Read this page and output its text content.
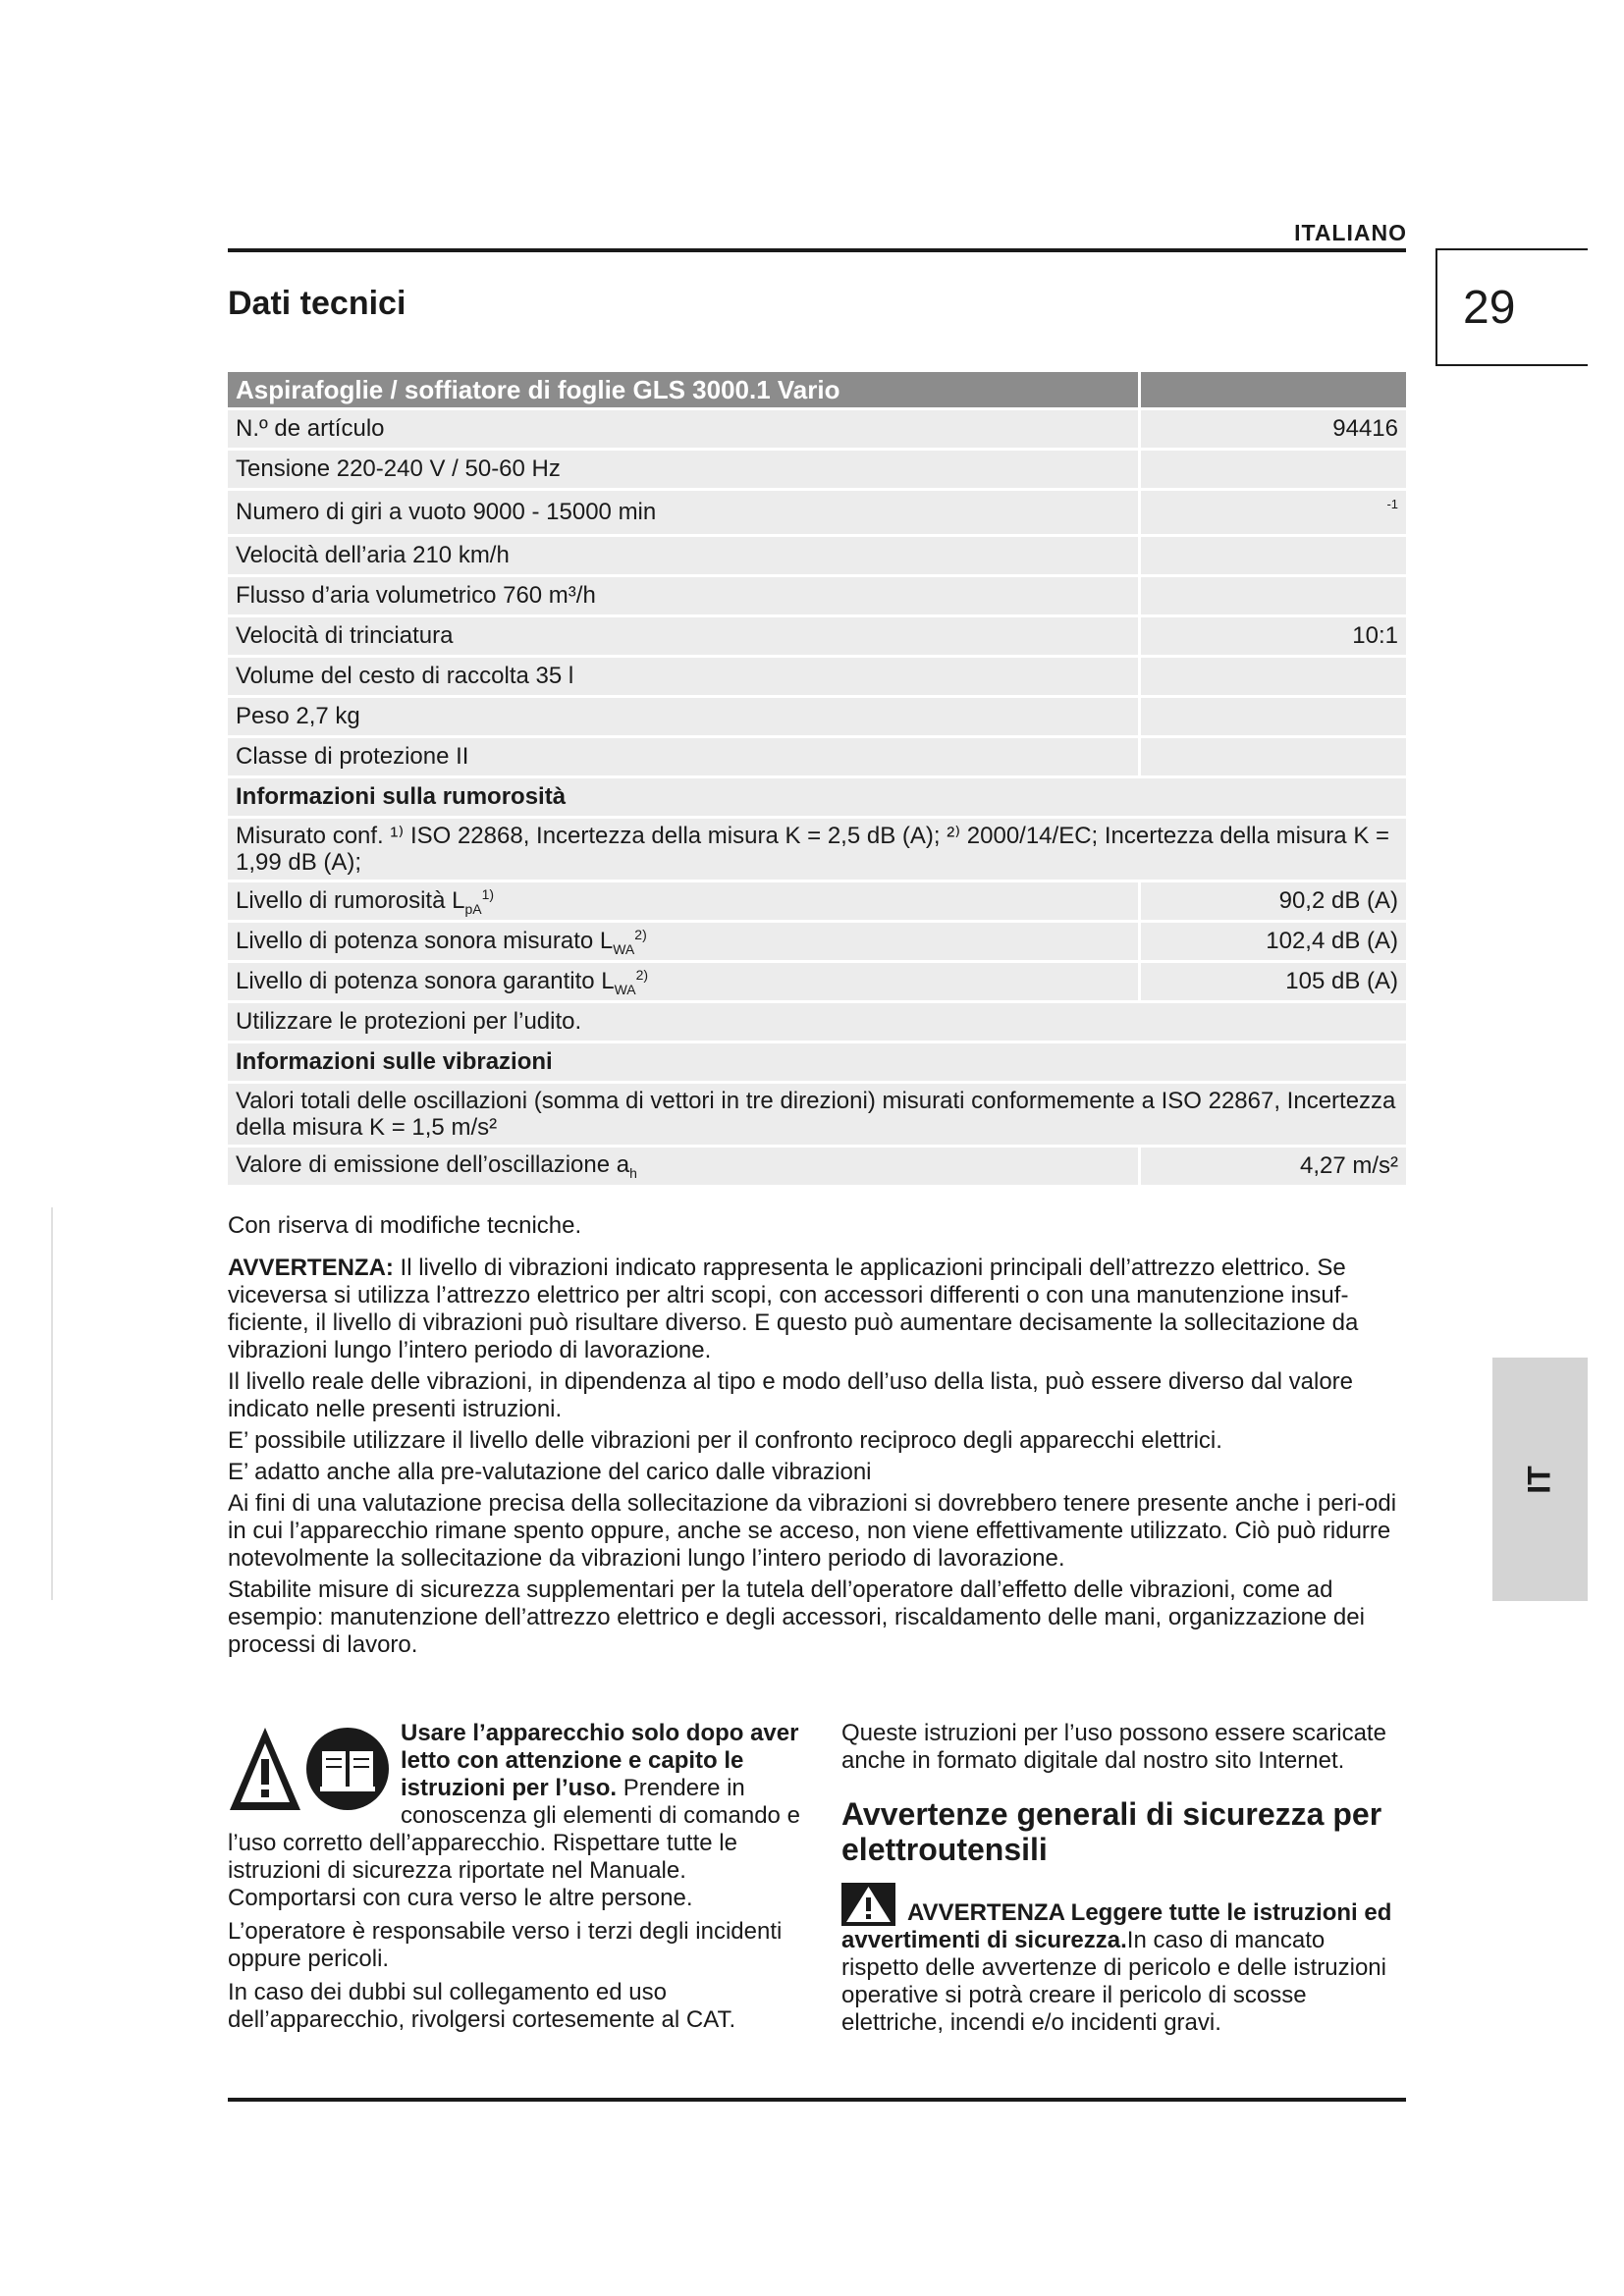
ITALIANO
29
IT
Dati tecnici
Aspirafoglie / soffiatore di foglie GLS 3000.1 Vario	
N.º de artículo	94416
Tensione 220-240 V / 50-60 Hz	
Numero di giri a vuoto 9000 - 15000 min	-1
Velocità dell’aria 210 km/h	
Flusso d’aria volumetrico 760 m³/h	
Velocità di trinciatura	10:1
Volume del cesto di raccolta 35 l	
Peso 2,7 kg	
Classe di protezione II	
Informazioni sulla rumorosità	
Misurato conf. ¹⁾ ISO 22868, Incertezza della misura K = 2,5 dB (A); ²⁾ 2000/14/EC; Incertezza della misura K = 1,99 dB (A);	
Livello di rumorosità $L_{pA}^{1)}$	90,2 dB (A)
Livello di potenza sonora misurato $L_{WA}^{2)}$	102,4 dB (A)
Livello di potenza sonora garantito $L_{WA}^{2)}$	105 dB (A)
Utilizzare le protezioni per l’udito.	
Informazioni sulle vibrazioni	
Valori totali delle oscillazioni (somma di vettori in tre direzioni) misurati conformemente a ISO 22867, Incertezza della misura K = 1,5 m/s²	
Valore di emissione dell’oscillazione $a_h$	4,27 m/s²
Con riserva di modifiche tecniche.

AVVERTENZA: Il livello di vibrazioni indicato rappresenta le applicazioni principali dell’attrezzo elettrico. Se viceversa si utilizza l’attrezzo elettrico per altri scopi, con accessori differenti o con una manutenzione insuf-ficiente, il livello di vibrazioni può risultare diverso. E questo può aumentare decisamente la sollecitazione da vibrazioni lungo l’intero periodo di lavorazione.

Il livello reale delle vibrazioni, in dipendenza al tipo e modo dell’uso della lista, può essere diverso dal valore indicato nelle presenti istruzioni.

E’ possibile utilizzare il livello delle vibrazioni per il confronto reciproco degli apparecchi elettrici.

E’ adatto anche alla pre-valutazione del carico dalle vibrazioni

Ai fini di una valutazione precisa della sollecitazione da vibrazioni si dovrebbero tenere presente anche i peri-odi in cui l’apparecchio rimane spento oppure, anche se acceso, non viene effettivamente utilizzato. Ciò può ridurre notevolmente la sollecitazione da vibrazioni lungo l’intero periodo di lavorazione.

Stabilite misure di sicurezza supplementari per la tutela dell’operatore dall’effetto delle vibrazioni, come ad esempio: manutenzione dell’attrezzo elettrico e degli accessori, riscaldamento delle mani, organizzazione dei processi di lavoro.

Usare l’apparecchio solo dopo aver letto con attenzione e capito le istruzioni per l’uso. Prendere in conoscenza gli elementi di comando e l’uso corretto dell’apparecchio. Rispettare tutte le istruzioni di sicurezza riportate nel Manuale. Comportarsi con cura verso le altre persone.

L’operatore è responsabile verso i terzi degli incidenti oppure pericoli.

In caso dei dubbi sul collegamento ed uso dell’apparecchio, rivolgersi cortesemente al CAT.

Queste istruzioni per l’uso possono essere scaricate anche in formato digitale dal nostro sito Internet.

Avvertenze generali di sicurezza per elettroutensili

AVVERTENZA Leggere tutte le istruzioni ed avvertimenti di sicurezza.In caso di mancato rispetto delle avvertenze di pericolo e delle istruzioni operative si potrà creare il pericolo di scosse elettriche, incendi e/o incidenti gravi.
